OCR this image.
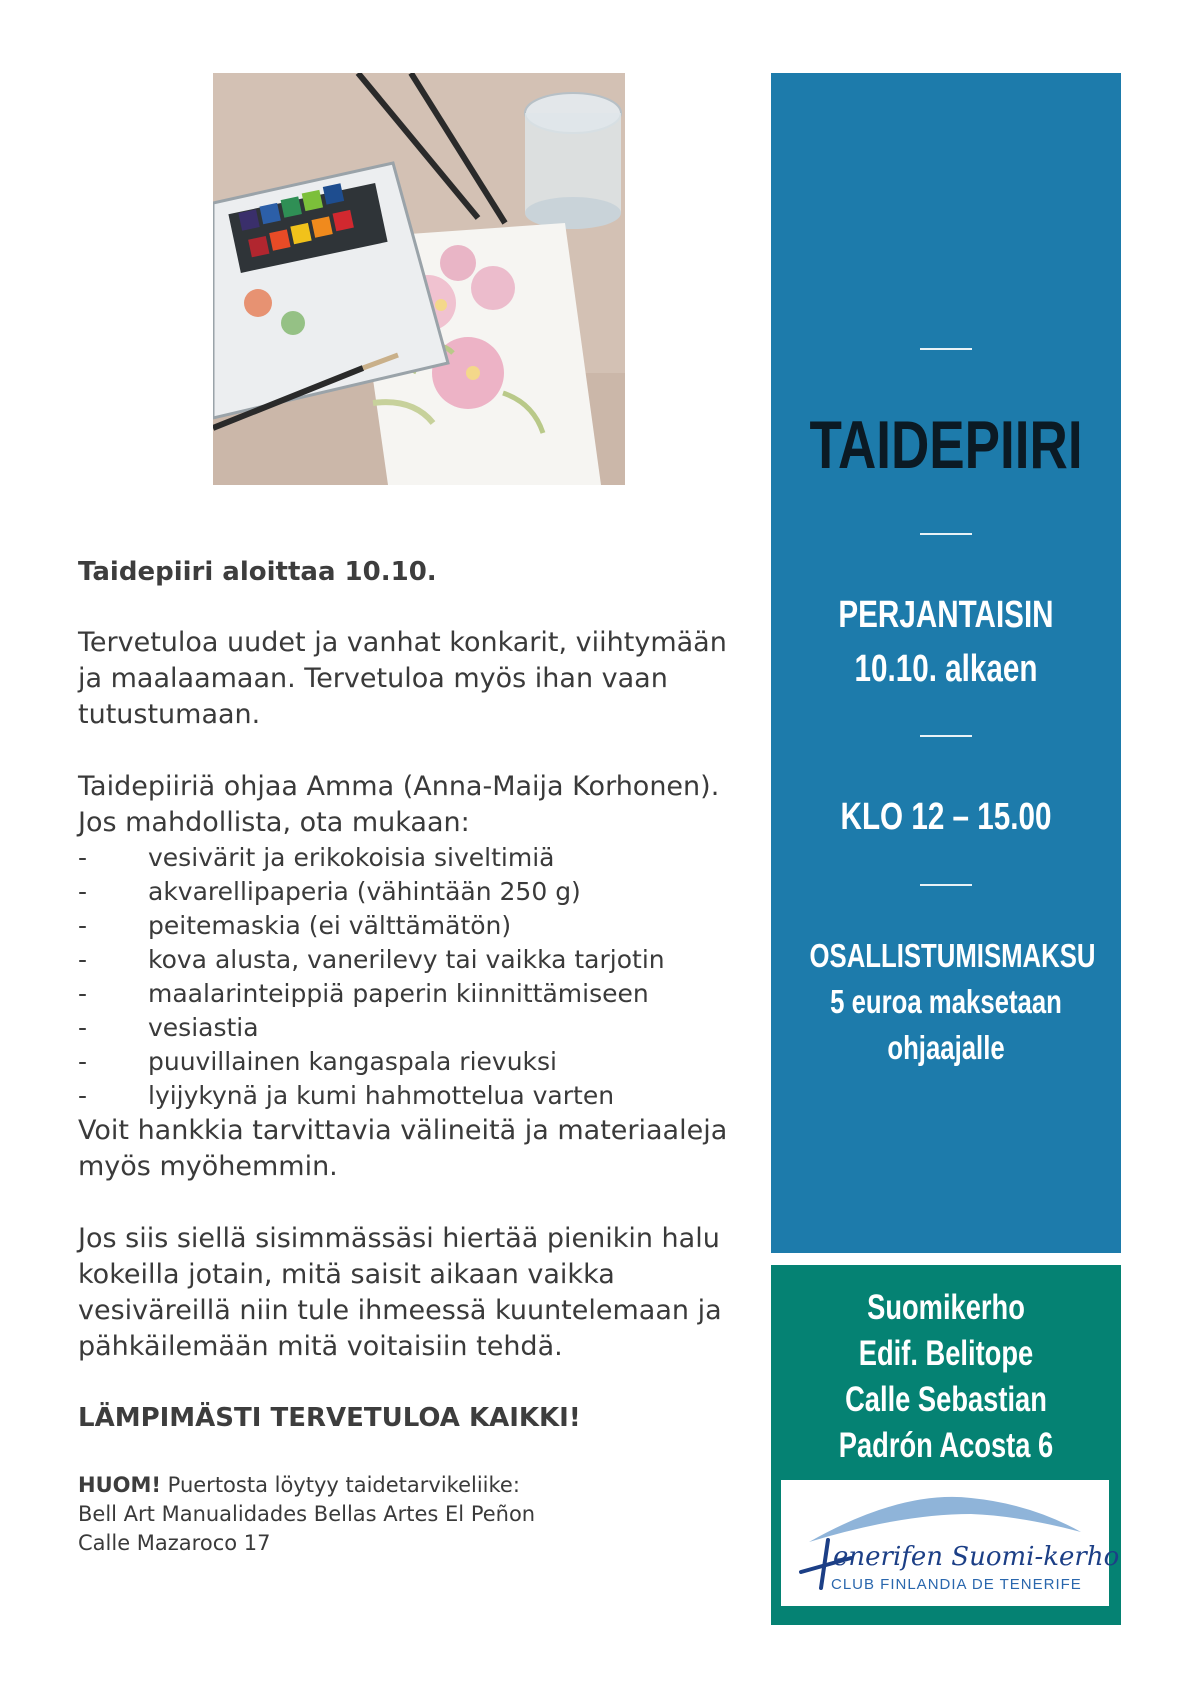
Taidepiiri aloittaa 10.10.

Tervetuloa uudet ja vanhat konkarit, viihtymään
ja maalaamaan. Tervetuloa myös ihan vaan
tutustumaan.

Taidepiiriä ohjaa Amma (Anna-Maija Korhonen).
Jos mahdollista, ota mukaan:

- vesivärit ja erikokoisia siveltimiä
- akvarellipaperia (vähintään 250 g)
- peitemaskia (ei välttämätön)
- kova alusta, vanerilevy tai vaikka tarjotin
- maalarinteippiä paperin kiinnittämiseen
- vesiastia
- puuvillainen kangaspala rievuksi
- lyijykynä ja kumi hahmottelua varten

Voit hankkia tarvittavia välineitä ja materiaaleja
myös myöhemmin.

Jos siis siellä sisimmässäsi hiertää pienikin halu
kokeilla jotain, mitä saisit aikaan vaikka
vesiväreillä niin tule ihmeessä kuuntelemaan ja
pähkäilemään mitä voitaisiin tehdä.

LÄMPIMÄSTI TERVETULOA KAIKKI!

HUOM! Puertosta löytyy taidetarvikeliike:
Bell Art Manualidades Bellas Artes El Peñon
Calle Mazaroco 17

TAIDEPIIRI
PERJANTAISIN
10.10. alkaen
KLO 12 – 15.00
OSALLISTUMISMAKSU
5 euroa maksetaan
ohjaajalle
Suomikerho
Edif. Belitope
Calle Sebastian
Padrón Acosta 6
enerifen Suomi-kerho
CLUB FINLANDIA DE TENERIFE
